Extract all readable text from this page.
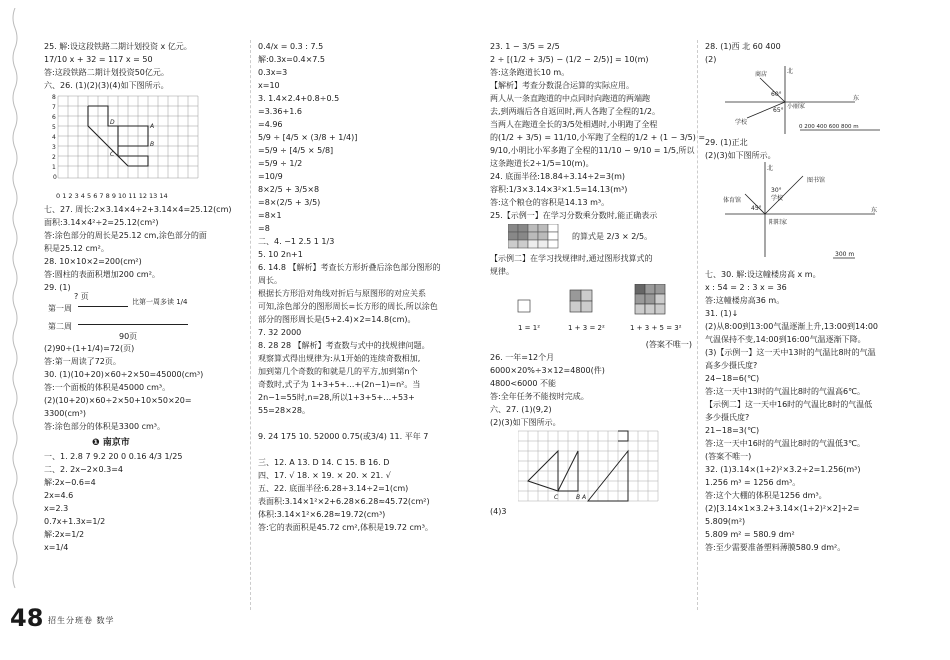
25. 解:设这段铁路二期计划投资 x 亿元。
17/10 x + 32 = 117 x = 50
答:这段铁路二期计划投资50亿元。
六、26. (1)(2)(3)(4)如下图所示。
D
B
C
A
0
1
2
3
4
5
6
7
8
0 1 2 3 4 5 6 7 8 9 10 11 12 13 14
七、27. 周长:2×3.14×4÷2+3.14×4=25.12(cm)
面积:3.14×4²÷2=25.12(cm²)
答:涂色部分的周长是25.12 cm,涂色部分的面
积是25.12 cm²。
28. 10×10×2=200(cm²)
答:圆柱的表面积增加200 cm²。
29. (1)
? 页
第一周
比第一周多读 1/4
第二周
90页
(2)90÷(1+1/4)=72(页)
答:第一周读了72页。
30. (1)(10+20)×60÷2×50=45000(cm³)
答:一个面板的体积是45000 cm³。
(2)(10+20)×60÷2×50+10×50×20=
3300(cm³)
答:涂色部分的体积是3300 cm³。
❶ 南京市
一、1. 2.8 7 9.2 20 0 0.16 4/3 1/25
二、2. 2x−2×0.3=4
解:2x−0.6=4
2x=4.6
x=2.3
0.7x+1.3x=1/2
解:2x=1/2
x=1/4
0.4/x = 0.3 : 7.5
解:0.3x=0.4×7.5
0.3x=3
x=10
3. 1.4×2.4+0.8÷0.5
=3.36+1.6
=4.96
5/9 ÷ [4/5 × (3/8 + 1/4)]
=5/9 ÷ [4/5 × 5/8]
=5/9 ÷ 1/2
=10/9
8×2/5 + 3/5×8
=8×(2/5 + 3/5)
=8×1
=8
二、4. −1 2.5 1 1/3
5. 10 2n+1
6. 14.8 【解析】考查长方形折叠后涂色部分图形的
周长。
根据长方形沿对角线对折后与原图形的对应关系
可知,涂色部分的图形周长=长方形的周长,所以涂色
部分的图形周长是(5+2.4)×2=14.8(cm)。
7. 32 2000
8. 28 28 【解析】考查数与式中的找规律问题。
观察算式得出规律为:从1开始的连续奇数相加,
加到第几个奇数的和就是几的平方,加到第n个
奇数时,式子为 1+3+5+…+(2n−1)=n²。当
2n−1=55时,n=28,所以1+3+5+…+53+
55=28×28。
9. 24 175 10. 52000 0.75(或3/4) 11. 平年 7
三、12. A 13. D 14. C 15. B 16. D
四、17. √ 18. × 19. × 20. × 21. √
五、22. 底面半径:6.28÷3.14÷2=1(cm)
表面积:3.14×1²×2+6.28×6.28≈45.72(cm²)
体积:3.14×1²×6.28≈19.72(cm³)
答:它的表面积是45.72 cm²,体积是19.72 cm³。
23. 1 − 3/5 = 2/5
2 ÷ [(1/2 + 3/5) − (1/2 − 2/5)] = 10(m)
答:这条跑道长10 m。
【解析】考查分数混合运算的实际应用。
两人从一条直跑道的中点同时向跑道的两端跑
去,到两端后各自返回时,两人各跑了全程的1/2。
当两人在跑道全长的3/5处相遇时,小明跑了全程
的(1/2 + 3/5) = 11/10,小军跑了全程的1/2 + (1 − 3/5) =
9/10,小明比小军多跑了全程的11/10 − 9/10 = 1/5,所以
这条跑道长2÷1/5=10(m)。
24. 底面半径:18.84÷3.14÷2=3(m)
容积:1/3×3.14×3²×1.5=14.13(m³)
答:这个粮仓的容积是14.13 m³。
25.【示例一】在学习分数乘分数时,能正确表示
的算式是 2/3 × 2/5。
【示例二】在学习找规律时,通过图形找算式的
规律。
1 = 1²	1 + 3 = 2²	1 + 3 + 5 = 3²
(答案不唯一)
26. 一年=12个月
6000×20%÷3×12=4800(件)
4800<6000 不能
答:全年任务不能按时完成。
六、27. (1)(9,2)
(2)(3)如下图所示。
C	B A
(4)3
28. (1)西 北 60 400
(2)
北
东
商店
小丽家
学校
60°
65°
0 200 400 600 800 m
29. (1)正北
(2)(3)如下图所示。
北
东
图书馆
学校
体育馆
阳阳家
30°
45°
300 m
七、30. 解:设这幢楼房高 x m。
x : 54 = 2 : 3 x = 36
答:这幢楼房高36 m。
31. (1)↓
(2)从8:00到13:00气温逐渐上升,13:00到14:00
气温保持不变,14:00到16:00气温逐渐下降。
(3)【示例一】这一天中13时的气温比8时的气温
高多少摄氏度?
24−18=6(℃)
答:这一天中13时的气温比8时的气温高6℃。
【示例二】这一天中16时的气温比8时的气温低
多少摄氏度?
21−18=3(℃)
答:这一天中16时的气温比8时的气温低3℃。
(答案不唯一)
32. (1)3.14×(1÷2)²×3.2÷2=1.256(m³)
1.256 m³ = 1256 dm³。
答:这个大棚的体积是1256 dm³。
(2)[3.14×1×3.2+3.14×(1÷2)²×2]÷2=
5.809(m²)
5.809 m² = 580.9 dm²
答:至少需要准备塑料薄膜580.9 dm²。
48 招生分班卷 数学
